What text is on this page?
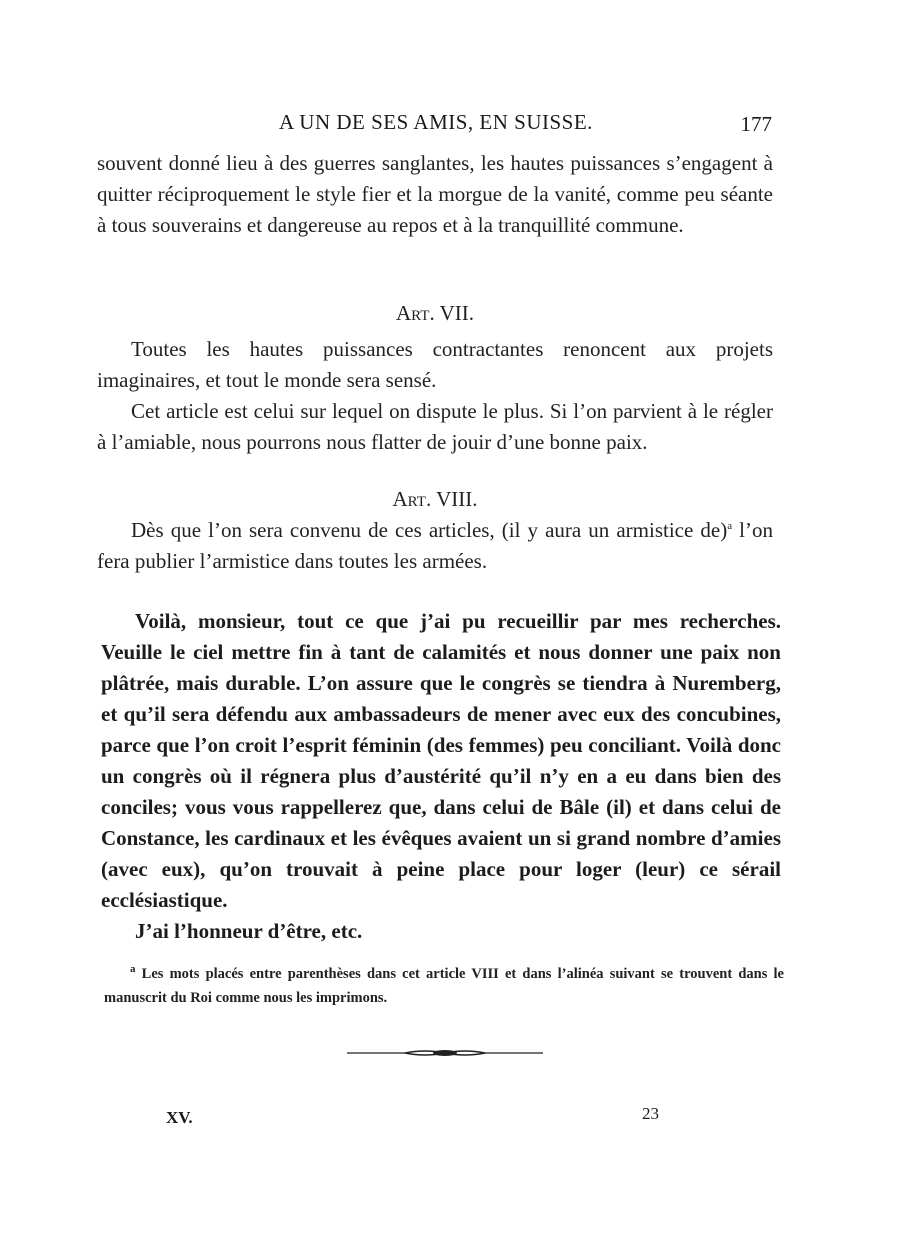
A UN DE SES AMIS, EN SUISSE.	177

souvent donné lieu à des guerres sanglantes, les hautes puissances s’engagent à quitter réciproquement le style fier et la morgue de la vanité, comme peu séante à tous souverains et dangereuse au repos et à la tranquillité commune.

Art. VII.

Toutes les hautes puissances contractantes renoncent aux projets imaginaires, et tout le monde sera sensé.

Cet article est celui sur lequel on dispute le plus. Si l’on parvient à le régler à l’amiable, nous pourrons nous flatter de jouir d’une bonne paix.

Art. VIII.

Dès que l’on sera convenu de ces articles, (il y aura un armistice de)$^a$ l’on fera publier l’armistice dans toutes les armées.

Voilà, monsieur, tout ce que j’ai pu recueillir par mes recherches. Veuille le ciel mettre fin à tant de calamités et nous donner une paix non plâtrée, mais durable. L’on assure que le congrès se tiendra à Nuremberg, et qu’il sera défendu aux ambassadeurs de mener avec eux des concubines, parce que l’on croit l’esprit féminin (des femmes) peu conciliant. Voilà donc un congrès où il régnera plus d’austérité qu’il n’y en a eu dans bien des conciles; vous vous rappellerez que, dans celui de Bâle (il) et dans celui de Constance, les cardinaux et les évêques avaient un si grand nombre d’amies (avec eux), qu’on trouvait à peine place pour loger (leur) ce sérail ecclésiastique.

J’ai l’honneur d’être, etc.

$^a$ Les mots placés entre parenthèses dans cet article VIII et dans l’alinéa suivant se trouvent dans le manuscrit du Roi comme nous les imprimons.

XV.	23
